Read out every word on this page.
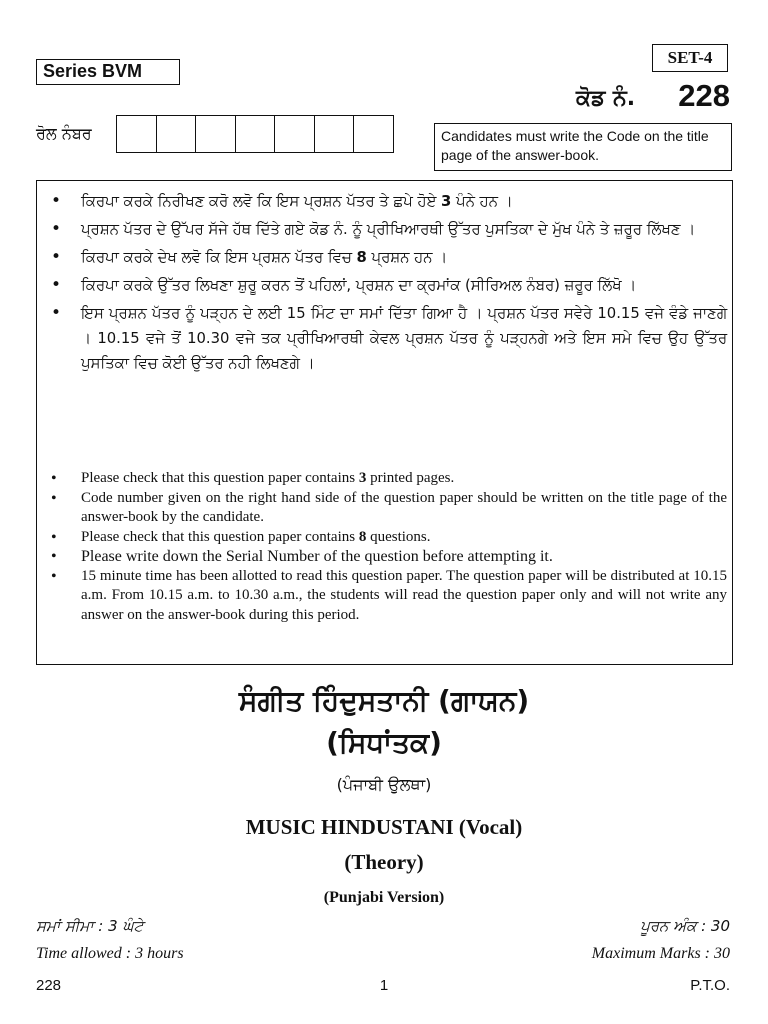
Series BVM
SET-4
ਕੋਡ ਨੰ. 228
ਰੋਲ ਨੰਬਰ	Candidates must write the Code on the title page of the answer-book.
• ਕਿਰਪਾ ਕਰਕੇ ਨਿਰੀਖਣ ਕਰੋ ਲਵੋ ਕਿ ਇਸ ਪ੍ਰਸ਼ਨ ਪੱਤਰ ਤੇ ਛਪੇ ਹੋਏ 3 ਪੰਨੇ ਹਨ ।
• ਪ੍ਰਸ਼ਨ ਪੱਤਰ ਦੇ ਉੱਪਰ ਸੱਜੇ ਹੱਥ ਦਿੱਤੇ ਗਏ ਕੋਡ ਨੰ. ਨੂੰ ਪ੍ਰੀਖਿਆਰਥੀ ਉੱਤਰ ਪੁਸਤਿਕਾ ਦੇ ਮੁੱਖ ਪੰਨੇ ਤੇ ਜ਼ਰੂਰ ਲਿੱਖਣ ।
• ਕਿਰਪਾ ਕਰਕੇ ਦੇਖ ਲਵੋ ਕਿ ਇਸ ਪ੍ਰਸ਼ਨ ਪੱਤਰ ਵਿਚ 8 ਪ੍ਰਸ਼ਨ ਹਨ ।
• ਕਿਰਪਾ ਕਰਕੇ ਉੱਤਰ ਲਿਖਣਾ ਸ਼ੁਰੂ ਕਰਨ ਤੋਂ ਪਹਿਲਾਂ, ਪ੍ਰਸ਼ਨ ਦਾ ਕ੍ਰਮਾਂਕ (ਸੀਰਿਅਲ ਨੰਬਰ) ਜ਼ਰੂਰ ਲਿੱਖੋ ।
• ਇਸ ਪ੍ਰਸ਼ਨ ਪੱਤਰ ਨੂੰ ਪੜ੍ਹਨ ਦੇ ਲਈ 15 ਮਿੰਟ ਦਾ ਸਮਾਂ ਦਿੱਤਾ ਗਿਆ ਹੈ । ਪ੍ਰਸ਼ਨ ਪੱਤਰ ਸਵੇਰੇ 10.15 ਵਜੇ ਵੰਡੇ ਜਾਣਗੇ । 10.15 ਵਜੇ ਤੋਂ 10.30 ਵਜੇ ਤਕ ਪ੍ਰੀਖਿਆਰਥੀ ਕੇਵਲ ਪ੍ਰਸ਼ਨ ਪੱਤਰ ਨੂੰ ਪੜ੍ਹਨਗੇ ਅਤੇ ਇਸ ਸਮੇ ਵਿਚ ਉਹ ਉੱਤਰ ਪੁਸਤਿਕਾ ਵਿਚ ਕੋਈ ਉੱਤਰ ਨਹੀ ਲਿਖਣਗੇ ।
• Please check that this question paper contains 3 printed pages.
• Code number given on the right hand side of the question paper should be written on the title page of the answer-book by the candidate.
• Please check that this question paper contains 8 questions.
• Please write down the Serial Number of the question before attempting it.
• 15 minute time has been allotted to read this question paper. The question paper will be distributed at 10.15 a.m. From 10.15 a.m. to 10.30 a.m., the students will read the question paper only and will not write any answer on the answer-book during this period.
ਸੰਗੀਤ ਹਿੰਦੁਸਤਾਨੀ (ਗਾਯਨ)
(ਸਿਧਾਂਤਕ)
(ਪੰਜਾਬੀ ਉਲਥਾ)
MUSIC HINDUSTANI (Vocal)
(Theory)
(Punjabi Version)
ਸਮਾਂ ਸੀਮਾ : 3 ਘੰਟੇ	ਪੂਰਨ ਅੰਕ : 30
Time allowed : 3 hours	Maximum Marks : 30
228	1	P.T.O.
